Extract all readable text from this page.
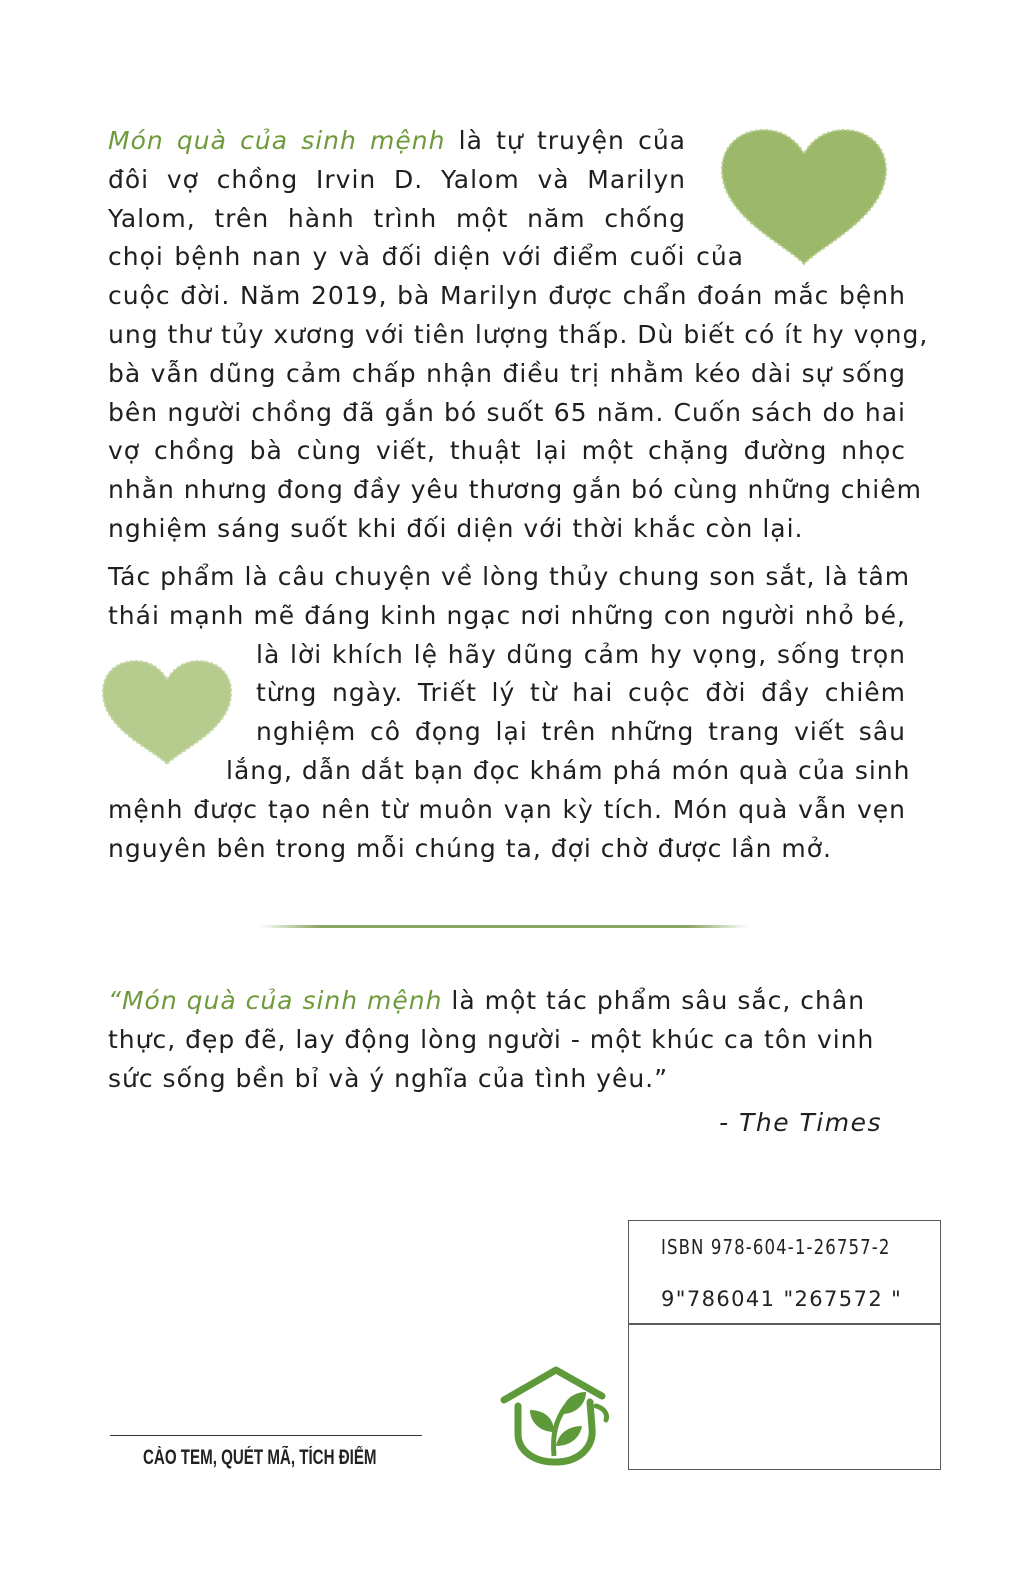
Món quà của sinh mệnh là tự truyện của
đôi vợ chồng Irvin D. Yalom và Marilyn
Yalom, trên hành trình một năm chống
chọi bệnh nan y và đối diện với điểm cuối của
cuộc đời. Năm 2019, bà Marilyn được chẩn đoán mắc bệnh
ung thư tủy xương với tiên lượng thấp. Dù biết có ít hy vọng,
bà vẫn dũng cảm chấp nhận điều trị nhằm kéo dài sự sống
bên người chồng đã gắn bó suốt 65 năm. Cuốn sách do hai
vợ chồng bà cùng viết, thuật lại một chặng đường nhọc
nhằn nhưng đong đầy yêu thương gắn bó cùng những chiêm
nghiệm sáng suốt khi đối diện với thời khắc còn lại.
Tác phẩm là câu chuyện về lòng thủy chung son sắt, là tâm
thái mạnh mẽ đáng kinh ngạc nơi những con người nhỏ bé,
là lời khích lệ hãy dũng cảm hy vọng, sống trọn
từng ngày. Triết lý từ hai cuộc đời đầy chiêm
nghiệm cô đọng lại trên những trang viết sâu
lắng, dẫn dắt bạn đọc khám phá món quà của sinh
mệnh được tạo nên từ muôn vạn kỳ tích. Món quà vẫn vẹn
nguyên bên trong mỗi chúng ta, đợi chờ được lần mở.
“Món quà của sinh mệnh là một tác phẩm sâu sắc, chân
thực, đẹp đẽ, lay động lòng người - một khúc ca tôn vinh
sức sống bền bỉ và ý nghĩa của tình yêu.”
- The Times
ISBN 978-604-1-26757-2
9"786041 "267572 "
CÀO TEM, QUÉT MÃ, TÍCH ĐIỂM
